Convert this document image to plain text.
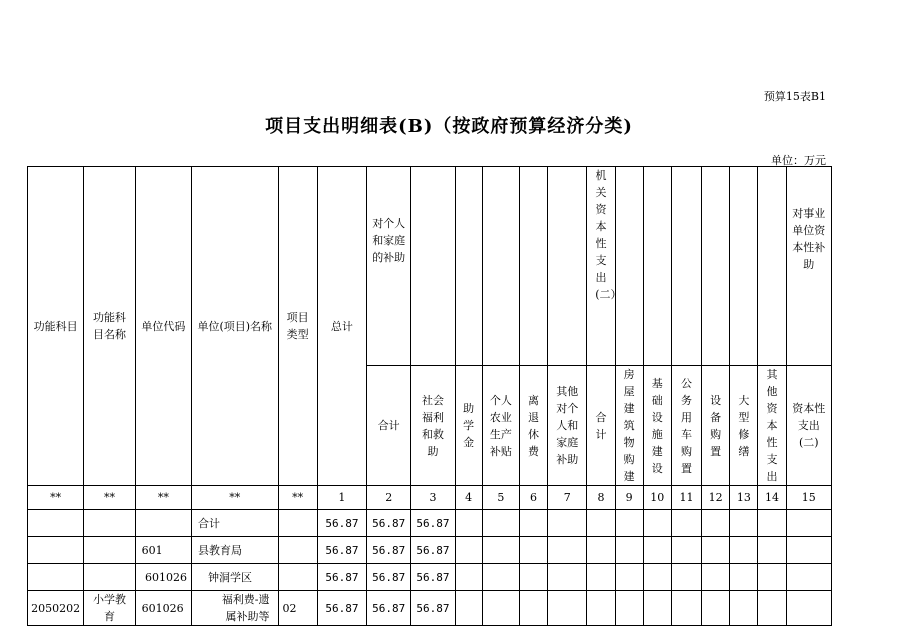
预算15表B1
项目支出明细表(B)（按政府预算经济分类)
单位：万元
功能科目	功能科目名称	单位代码	单位(项目)名称	项目类型	总计	对个人和家庭的补助						机关资本性支出(二）							对事业单位资本性补助
						合计	社会福利和救助	助学金	个人农业生产补贴	离退休费	其他对个人和家庭补助	合计	房屋建筑物购建	基础设施建设	公务用车购置	设备购置	大型修缮	其他资本性支出	资本性支出(二)
**	**	**	**	**	1	2	3	4	5	6	7	8	9	10	11	12	13	14	15
			合计		56.87	56.87	56.87												
		601	县教育局		56.87	56.87	56.87												
		601026	钟洞学区		56.87	56.87	56.87												
2050202	小学教育	601026	福利费-遗属补助等	02	56.87	56.87	56.87												
